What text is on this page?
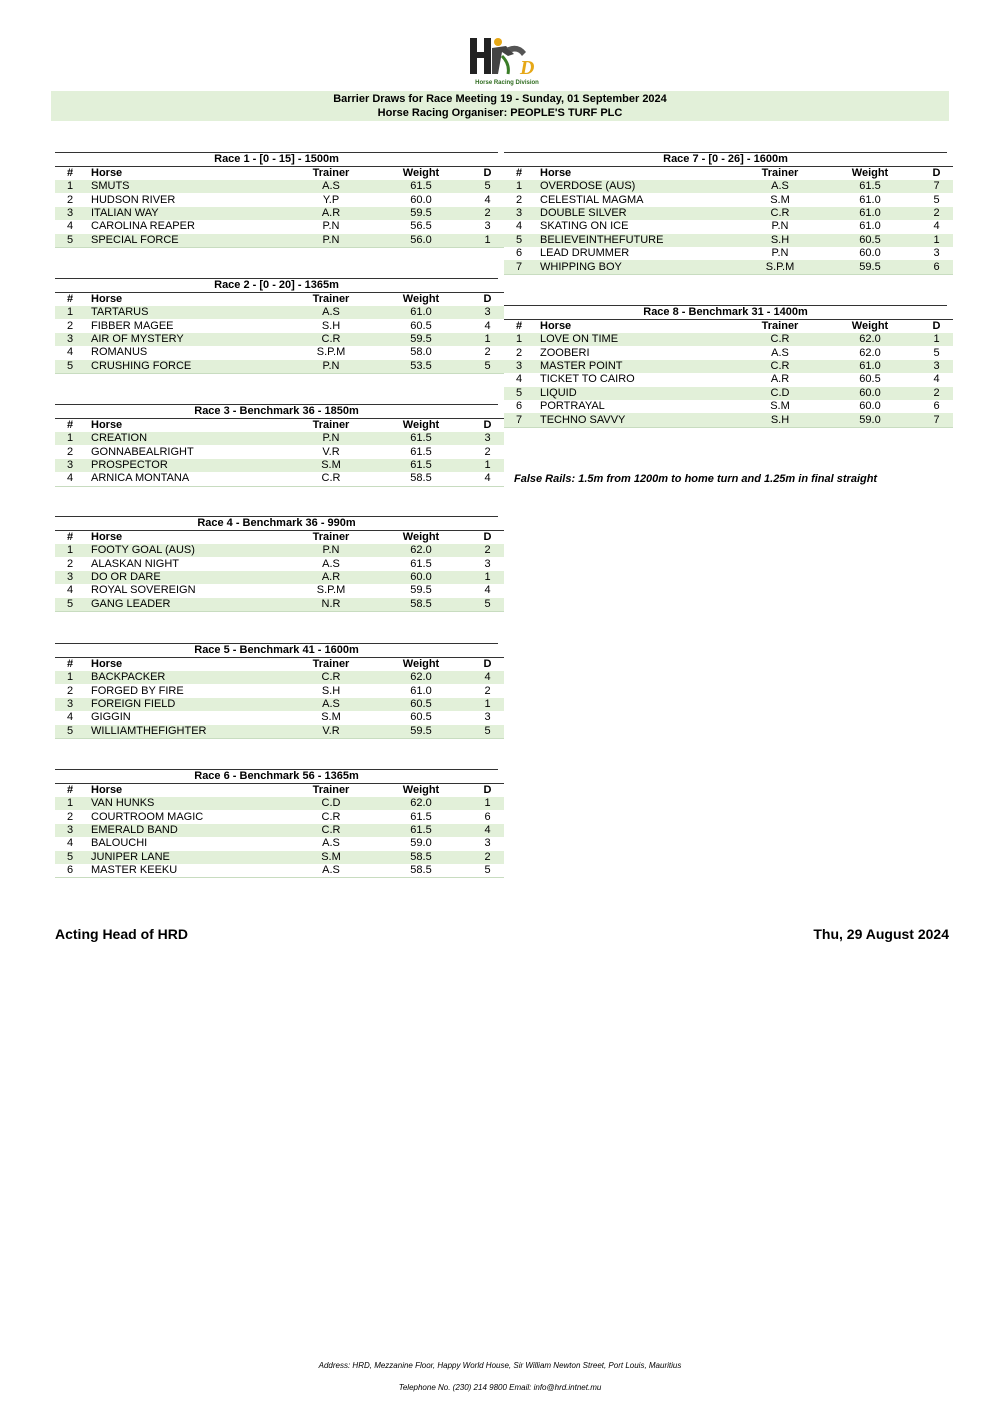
D
Horse Racing Division
Barrier Draws for Race Meeting 19 - Sunday, 01 September 2024
Horse Racing Organiser: PEOPLE'S TURF PLC
Race 1 - [0 - 15] - 1500m
#	Horse	Trainer	Weight	D
1	SMUTS	A.S	61.5	5
2	HUDSON RIVER	Y.P	60.0	4
3	ITALIAN WAY	A.R	59.5	2
4	CAROLINA REAPER	P.N	56.5	3
5	SPECIAL FORCE	P.N	56.0	1
Race 2 - [0 - 20] - 1365m
#	Horse	Trainer	Weight	D
1	TARTARUS	A.S	61.0	3
2	FIBBER MAGEE	S.H	60.5	4
3	AIR OF MYSTERY	C.R	59.5	1
4	ROMANUS	S.P.M	58.0	2
5	CRUSHING FORCE	P.N	53.5	5
Race 3 - Benchmark 36 - 1850m
#	Horse	Trainer	Weight	D
1	CREATION	P.N	61.5	3
2	GONNABEALRIGHT	V.R	61.5	2
3	PROSPECTOR	S.M	61.5	1
4	ARNICA MONTANA	C.R	58.5	4
Race 4 - Benchmark 36 - 990m
#	Horse	Trainer	Weight	D
1	FOOTY GOAL (AUS)	P.N	62.0	2
2	ALASKAN NIGHT	A.S	61.5	3
3	DO OR DARE	A.R	60.0	1
4	ROYAL SOVEREIGN	S.P.M	59.5	4
5	GANG LEADER	N.R	58.5	5
Race 5 - Benchmark 41 - 1600m
#	Horse	Trainer	Weight	D
1	BACKPACKER	C.R	62.0	4
2	FORGED BY FIRE	S.H	61.0	2
3	FOREIGN FIELD	A.S	60.5	1
4	GIGGIN	S.M	60.5	3
5	WILLIAMTHEFIGHTER	V.R	59.5	5
Race 6 - Benchmark 56 - 1365m
#	Horse	Trainer	Weight	D
1	VAN HUNKS	C.D	62.0	1
2	COURTROOM MAGIC	C.R	61.5	6
3	EMERALD BAND	C.R	61.5	4
4	BALOUCHI	A.S	59.0	3
5	JUNIPER LANE	S.M	58.5	2
6	MASTER KEEKU	A.S	58.5	5
Race 7 - [0 - 26] - 1600m
#	Horse	Trainer	Weight	D
1	OVERDOSE (AUS)	A.S	61.5	7
2	CELESTIAL MAGMA	S.M	61.0	5
3	DOUBLE SILVER	C.R	61.0	2
4	SKATING ON ICE	P.N	61.0	4
5	BELIEVEINTHEFUTURE	S.H	60.5	1
6	LEAD DRUMMER	P.N	60.0	3
7	WHIPPING BOY	S.P.M	59.5	6
Race 8 - Benchmark 31 - 1400m
#	Horse	Trainer	Weight	D
1	LOVE ON TIME	C.R	62.0	1
2	ZOOBERI	A.S	62.0	5
3	MASTER POINT	C.R	61.0	3
4	TICKET TO CAIRO	A.R	60.5	4
5	LIQUID	C.D	60.0	2
6	PORTRAYAL	S.M	60.0	6
7	TECHNO SAVVY	S.H	59.0	7
False Rails: 1.5m from 1200m to home turn and 1.25m in final straight
Acting Head of HRD	Thu, 29 August 2024
Address: HRD, Mezzanine Floor, Happy World House, Sir William Newton Street, Port Louis, Mauritius
Telephone No. (230) 214 9800 Email: info@hrd.intnet.mu
